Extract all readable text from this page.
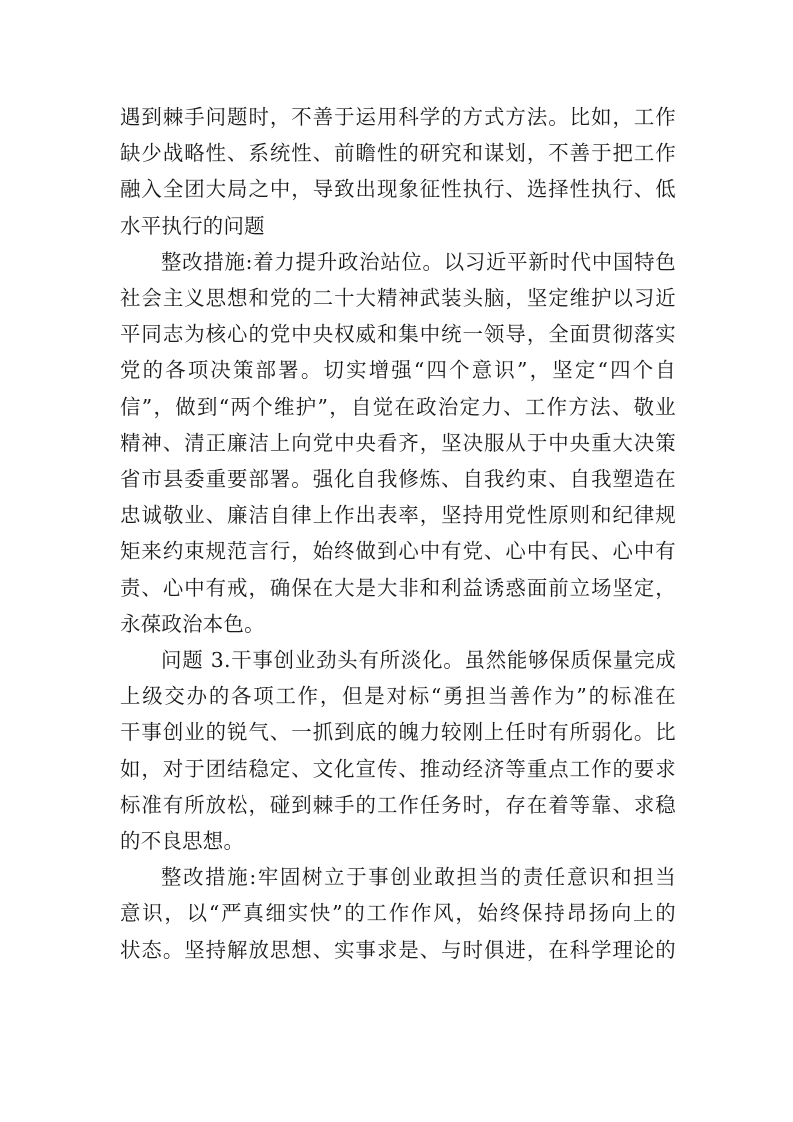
遇到棘手问题时，不善于运用科学的方式方法。比如，工作
缺少战略性、系统性、前瞻性的研究和谋划，不善于把工作
融入全团大局之中，导致出现象征性执行、选择性执行、低
水平执行的问题
整改措施:着力提升政治站位。以习近平新时代中国特色
社会主义思想和党的二十大精神武装头脑，坚定维护以习近
平同志为核心的党中央权威和集中统一领导，全面贯彻落实
党的各项决策部署。切实增强“四个意识”，坚定“四个自
信”，做到“两个维护”，自觉在政治定力、工作方法、敬业
精神、清正廉洁上向党中央看齐，坚决服从于中央重大决策
省市县委重要部署。强化自我修炼、自我约束、自我塑造在
忠诚敬业、廉洁自律上作出表率，坚持用党性原则和纪律规
矩来约束规范言行，始终做到心中有党、心中有民、心中有
责、心中有戒，确保在大是大非和利益诱惑面前立场坚定，
永葆政治本色。
问题 3.干事创业劲头有所淡化。虽然能够保质保量完成
上级交办的各项工作，但是对标“勇担当善作为”的标准在
干事创业的锐气、一抓到底的魄力较刚上任时有所弱化。比
如，对于团结稳定、文化宣传、推动经济等重点工作的要求
标准有所放松，碰到棘手的工作任务时，存在着等靠、求稳
的不良思想。
整改措施:牢固树立于事创业敢担当的责任意识和担当
意识，以“严真细实快”的工作作风，始终保持昂扬向上的
状态。坚持解放思想、实事求是、与时俱进，在科学理论的
